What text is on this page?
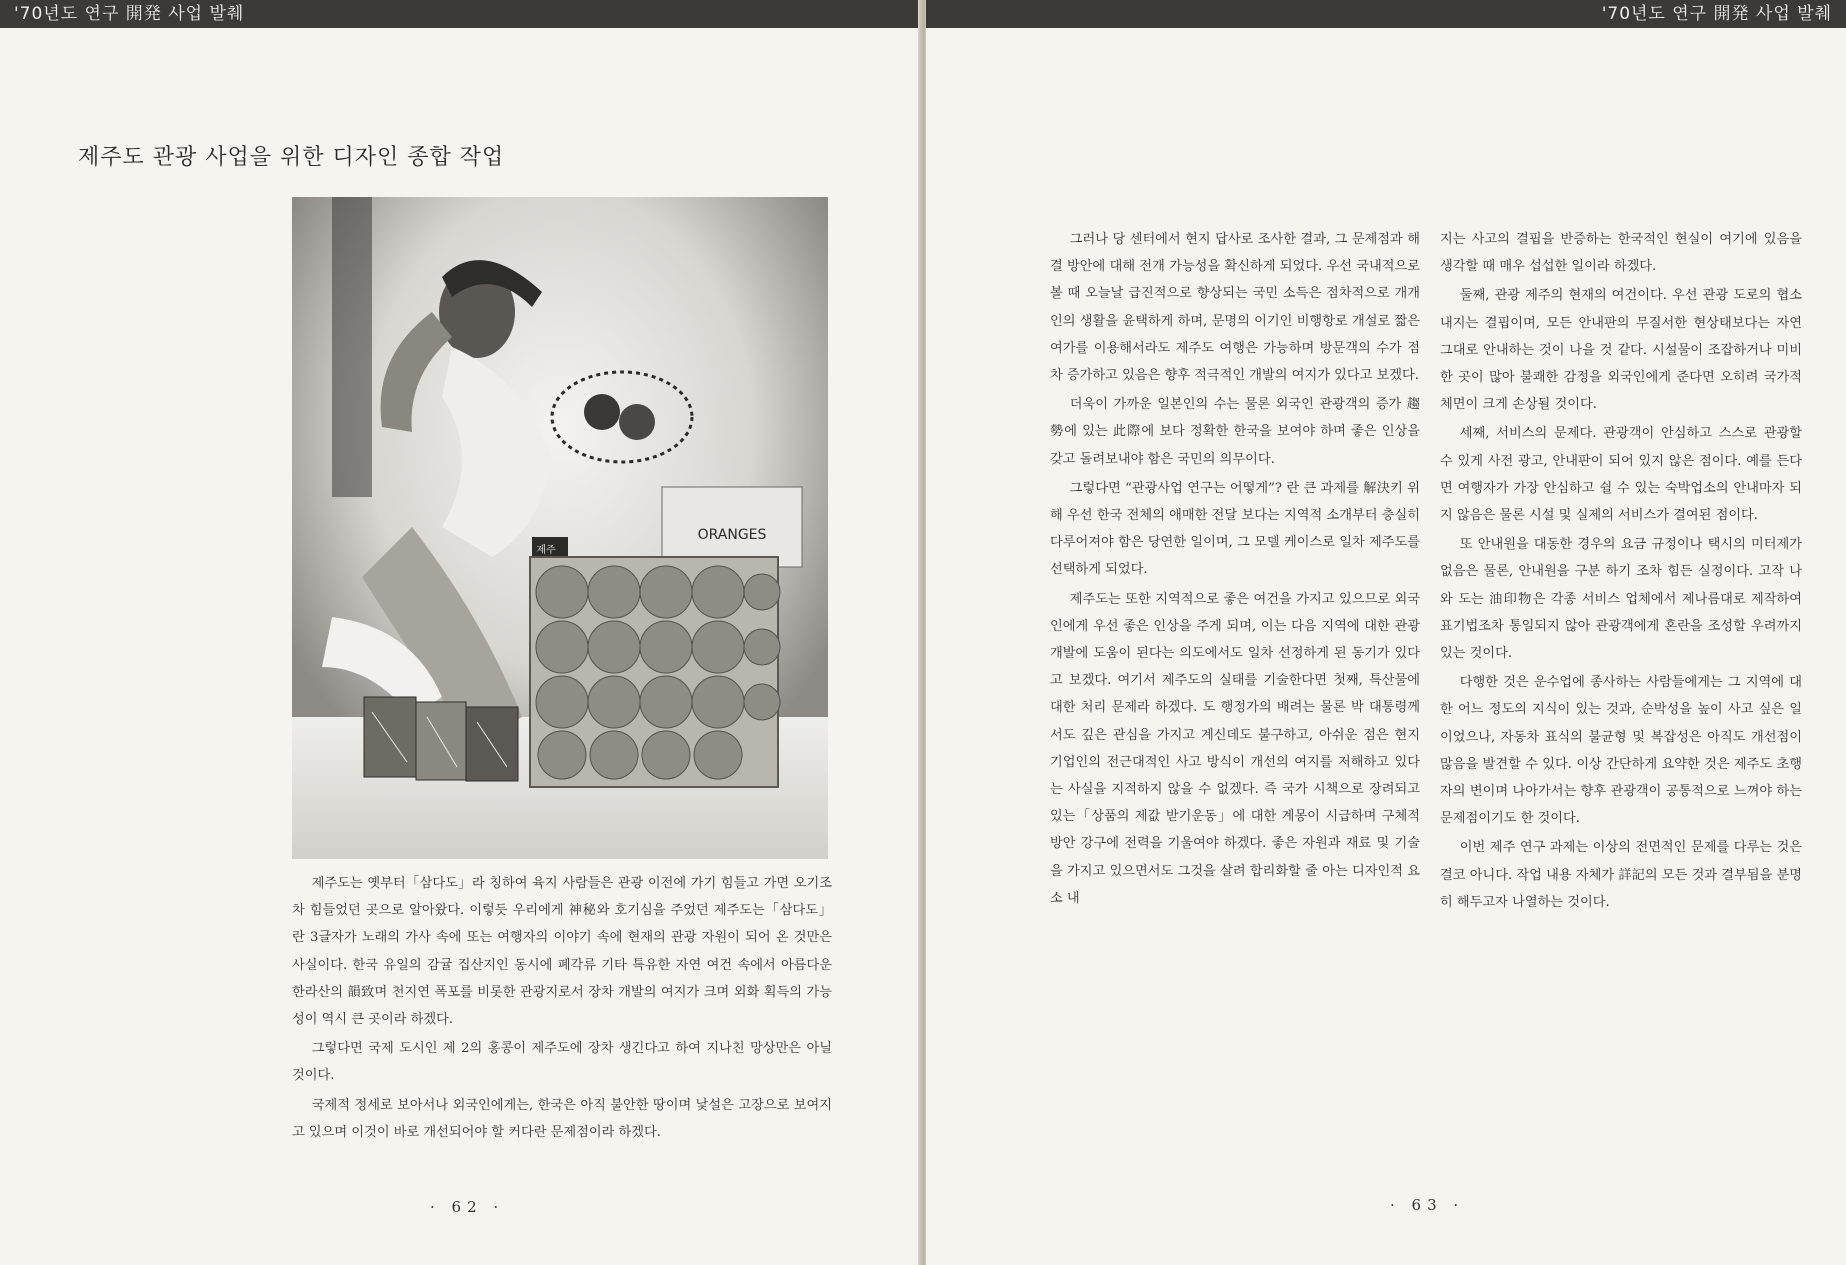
'70년도 연구 開発 사업 발췌
제주도 관광 사업을 위한 디자인 종합 작업
제주
ORANGES

제주도는 옛부터「삼다도」라 칭하여 육지 사람들은 관광 이전에 가기 힘들고 가면 오기조차 힘들었던 곳으로 알아왔다. 이렇듯 우리에게 神秘와 호기심을 주었던 제주도는「삼다도」란 3글자가 노래의 가사 속에 또는 여행자의 이야기 속에 현재의 관광 자원이 되어 온 것만은 사실이다. 한국 유일의 감귤 집산지인 동시에 폐각류 기타 특유한 자연 여건 속에서 아름다운 한라산의 韻致며 천지연 폭포를 비롯한 관광지로서 장차 개발의 여지가 크며 외화 획득의 가능성이 역시 큰 곳이라 하겠다.

그렇다면 국제 도시인 제 2의 홍콩이 제주도에 장차 생긴다고 하여 지나친 망상만은 아닐 것이다.

국제적 정세로 보아서나 외국인에게는, 한국은 아직 불안한 땅이며 낯설은 고장으로 보여지고 있으며 이것이 바로 개선되어야 할 커다란 문제점이라 하겠다.

· 62 ·
'70년도 연구 開発 사업 발췌

그러나 당 센터에서 현지 답사로 조사한 결과, 그 문제점과 해결 방안에 대해 전개 가능성을 확신하게 되었다. 우선 국내적으로 볼 때 오늘날 급진적으로 향상되는 국민 소득은 점차적으로 개개인의 생활을 윤택하게 하며, 문명의 이기인 비행항로 개설로 짧은 여가를 이용해서라도 제주도 여행은 가능하며 방문객의 수가 점차 증가하고 있음은 향후 적극적인 개발의 여지가 있다고 보겠다.

더욱이 가까운 일본인의 수는 물론 외국인 관광객의 증가 趨勢에 있는 此際에 보다 정확한 한국을 보여야 하며 좋은 인상을 갖고 돌려보내야 함은 국민의 의무이다.

그렇다면 “관광사업 연구는 어떻게”? 란 큰 과제를 解決키 위해 우선 한국 전체의 애매한 전달 보다는 지역적 소개부터 충실히 다루어져야 함은 당연한 일이며, 그 모델 케이스로 일차 제주도를 선택하게 되었다.

제주도는 또한 지역적으로 좋은 여건을 가지고 있으므로 외국인에게 우선 좋은 인상을 주게 되며, 이는 다음 지역에 대한 관광 개발에 도움이 된다는 의도에서도 일차 선정하게 된 동기가 있다고 보겠다. 여기서 제주도의 실태를 기술한다면 첫째, 특산물에 대한 처리 문제라 하겠다. 도 행정가의 배려는 물론 박 대통령께서도 깊은 관심을 가지고 계신데도 불구하고, 아쉬운 점은 현지 기업인의 전근대적인 사고 방식이 개선의 여지를 저해하고 있다는 사실을 지적하지 않을 수 없겠다. 즉 국가 시책으로 장려되고 있는「상품의 제값 받기운동」에 대한 계몽이 시급하며 구체적 방안 강구에 전력을 기울여야 하겠다. 좋은 자원과 재료 및 기술을 가지고 있으면서도 그것을 살려 합리화할 줄 아는 디자인적 요소 내

지는 사고의 결핍을 반증하는 한국적인 현실이 여기에 있음을 생각할 때 매우 섭섭한 일이라 하겠다.

둘째, 관광 제주의 현재의 여건이다. 우선 관광 도로의 협소 내지는 결핍이며, 모든 안내판의 무질서한 현상태보다는 자연 그대로 안내하는 것이 나을 것 같다. 시설물이 조잡하거나 미비한 곳이 많아 불쾌한 감정을 외국인에게 준다면 오히려 국가적 체면이 크게 손상될 것이다.

세째, 서비스의 문제다. 관광객이 안심하고 스스로 관광할 수 있게 사전 광고, 안내판이 되어 있지 않은 점이다. 예를 든다면 여행자가 가장 안심하고 쉴 수 있는 숙박업소의 안내마자 되지 않음은 물론 시설 및 실제의 서비스가 결여된 점이다.

또 안내원을 대동한 경우의 요금 규정이나 택시의 미터제가 없음은 물론, 안내원을 구분 하기 조차 힘든 실정이다. 고작 나와 도는 油印物은 각종 서비스 업체에서 제나름대로 제작하여 표기법조차 통일되지 않아 관광객에게 혼란을 조성할 우려까지 있는 것이다.

다행한 것은 운수업에 종사하는 사람들에게는 그 지역에 대한 어느 정도의 지식이 있는 것과, 순박성을 높이 사고 싶은 일이었으나, 자동차 표식의 불균형 및 복잡성은 아직도 개선점이 많음을 발견할 수 있다. 이상 간단하게 요약한 것은 제주도 초행자의 변이며 나아가서는 향후 관광객이 공통적으로 느껴야 하는 문제점이기도 한 것이다.

이번 제주 연구 과제는 이상의 전면적인 문제를 다루는 것은 결코 아니다. 작업 내용 자체가 詳記의 모든 것과 결부됨을 분명히 해두고자 나열하는 것이다.

· 63 ·
